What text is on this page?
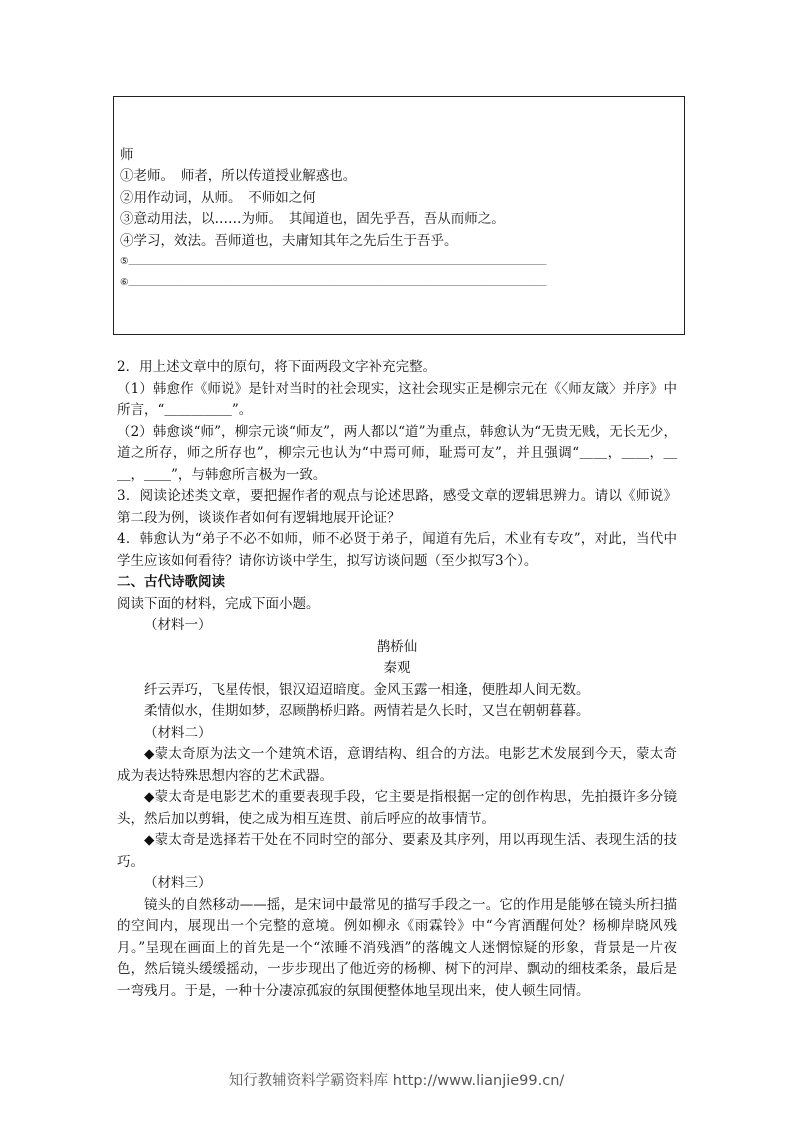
师
①老师。　师者，所以传道授业解惑也。
②用作动词，从师。　不师如之何
③意动用法，以……为师。　其闻道也，固先乎吾，吾从而师之。
④学习，效法。吾师道也，夫庸知其年之先后生于吾乎。
⑤＿＿＿＿＿＿＿＿＿＿＿＿＿＿＿＿＿＿＿＿＿＿＿＿＿＿＿＿＿＿＿＿＿＿＿＿＿＿＿＿＿＿＿＿
⑥＿＿＿＿＿＿＿＿＿＿＿＿＿＿＿＿＿＿＿＿＿＿＿＿＿＿＿＿＿＿＿＿＿＿＿＿＿＿＿＿＿＿＿＿

2．用上述文章中的原句，将下面两段文字补充完整。

（1）韩愈作《师说》是针对当时的社会现实，这社会现实正是柳宗元在《〈师友箴〉并序》中所言，“＿＿＿＿＿”。

（2）韩愈谈“师”，柳宗元谈“师友”，两人都以“道”为重点，韩愈认为“无贵无贱，无长无少，道之所存，师之所存也”，柳宗元也认为“中焉可师，耻焉可友”，并且强调“＿＿，＿＿，＿＿，＿＿”，与韩愈所言极为一致。

3．阅读论述类文章，要把握作者的观点与论述思路，感受文章的逻辑思辨力。请以《师说》第二段为例，谈谈作者如何有逻辑地展开论证？

4．韩愈认为“弟子不必不如师，师不必贤于弟子，闻道有先后，术业有专攻”，对此，当代中学生应该如何看待？请你访谈中学生，拟写访谈问题（至少拟写3个）。

二、古代诗歌阅读

阅读下面的材料，完成下面小题。

（材料一）

鹊桥仙

秦观

纤云弄巧，飞星传恨，银汉迢迢暗度。金风玉露一相逢，便胜却人间无数。

柔情似水，佳期如梦，忍顾鹊桥归路。两情若是久长时，又岂在朝朝暮暮。

（材料二）

◆蒙太奇原为法文一个建筑术语，意谓结构、组合的方法。电影艺术发展到今天，蒙太奇成为表达特殊思想内容的艺术武器。

◆蒙太奇是电影艺术的重要表现手段，它主要是指根据一定的创作构思，先拍摄许多分镜头，然后加以剪辑，使之成为相互连贯、前后呼应的故事情节。

◆蒙太奇是选择若干处在不同时空的部分、要素及其序列，用以再现生活、表现生活的技巧。

（材料三）

镜头的自然移动——摇，是宋词中最常见的描写手段之一。它的作用是能够在镜头所扫描的空间内，展现出一个完整的意境。例如柳永《雨霖铃》中“今宵酒醒何处？杨柳岸晓风残月。”呈现在画面上的首先是一个“浓睡不消残酒”的落魄文人迷惘惊疑的形象，背景是一片夜色，然后镜头缓缓摇动，一步步现出了他近旁的杨柳、树下的河岸、飘动的细枝柔条，最后是一弯残月。于是，一种十分凄凉孤寂的氛围便整体地呈现出来，使人顿生同情。

知行教辅资料学霸资料库 http://www.lianjie99.cn/
